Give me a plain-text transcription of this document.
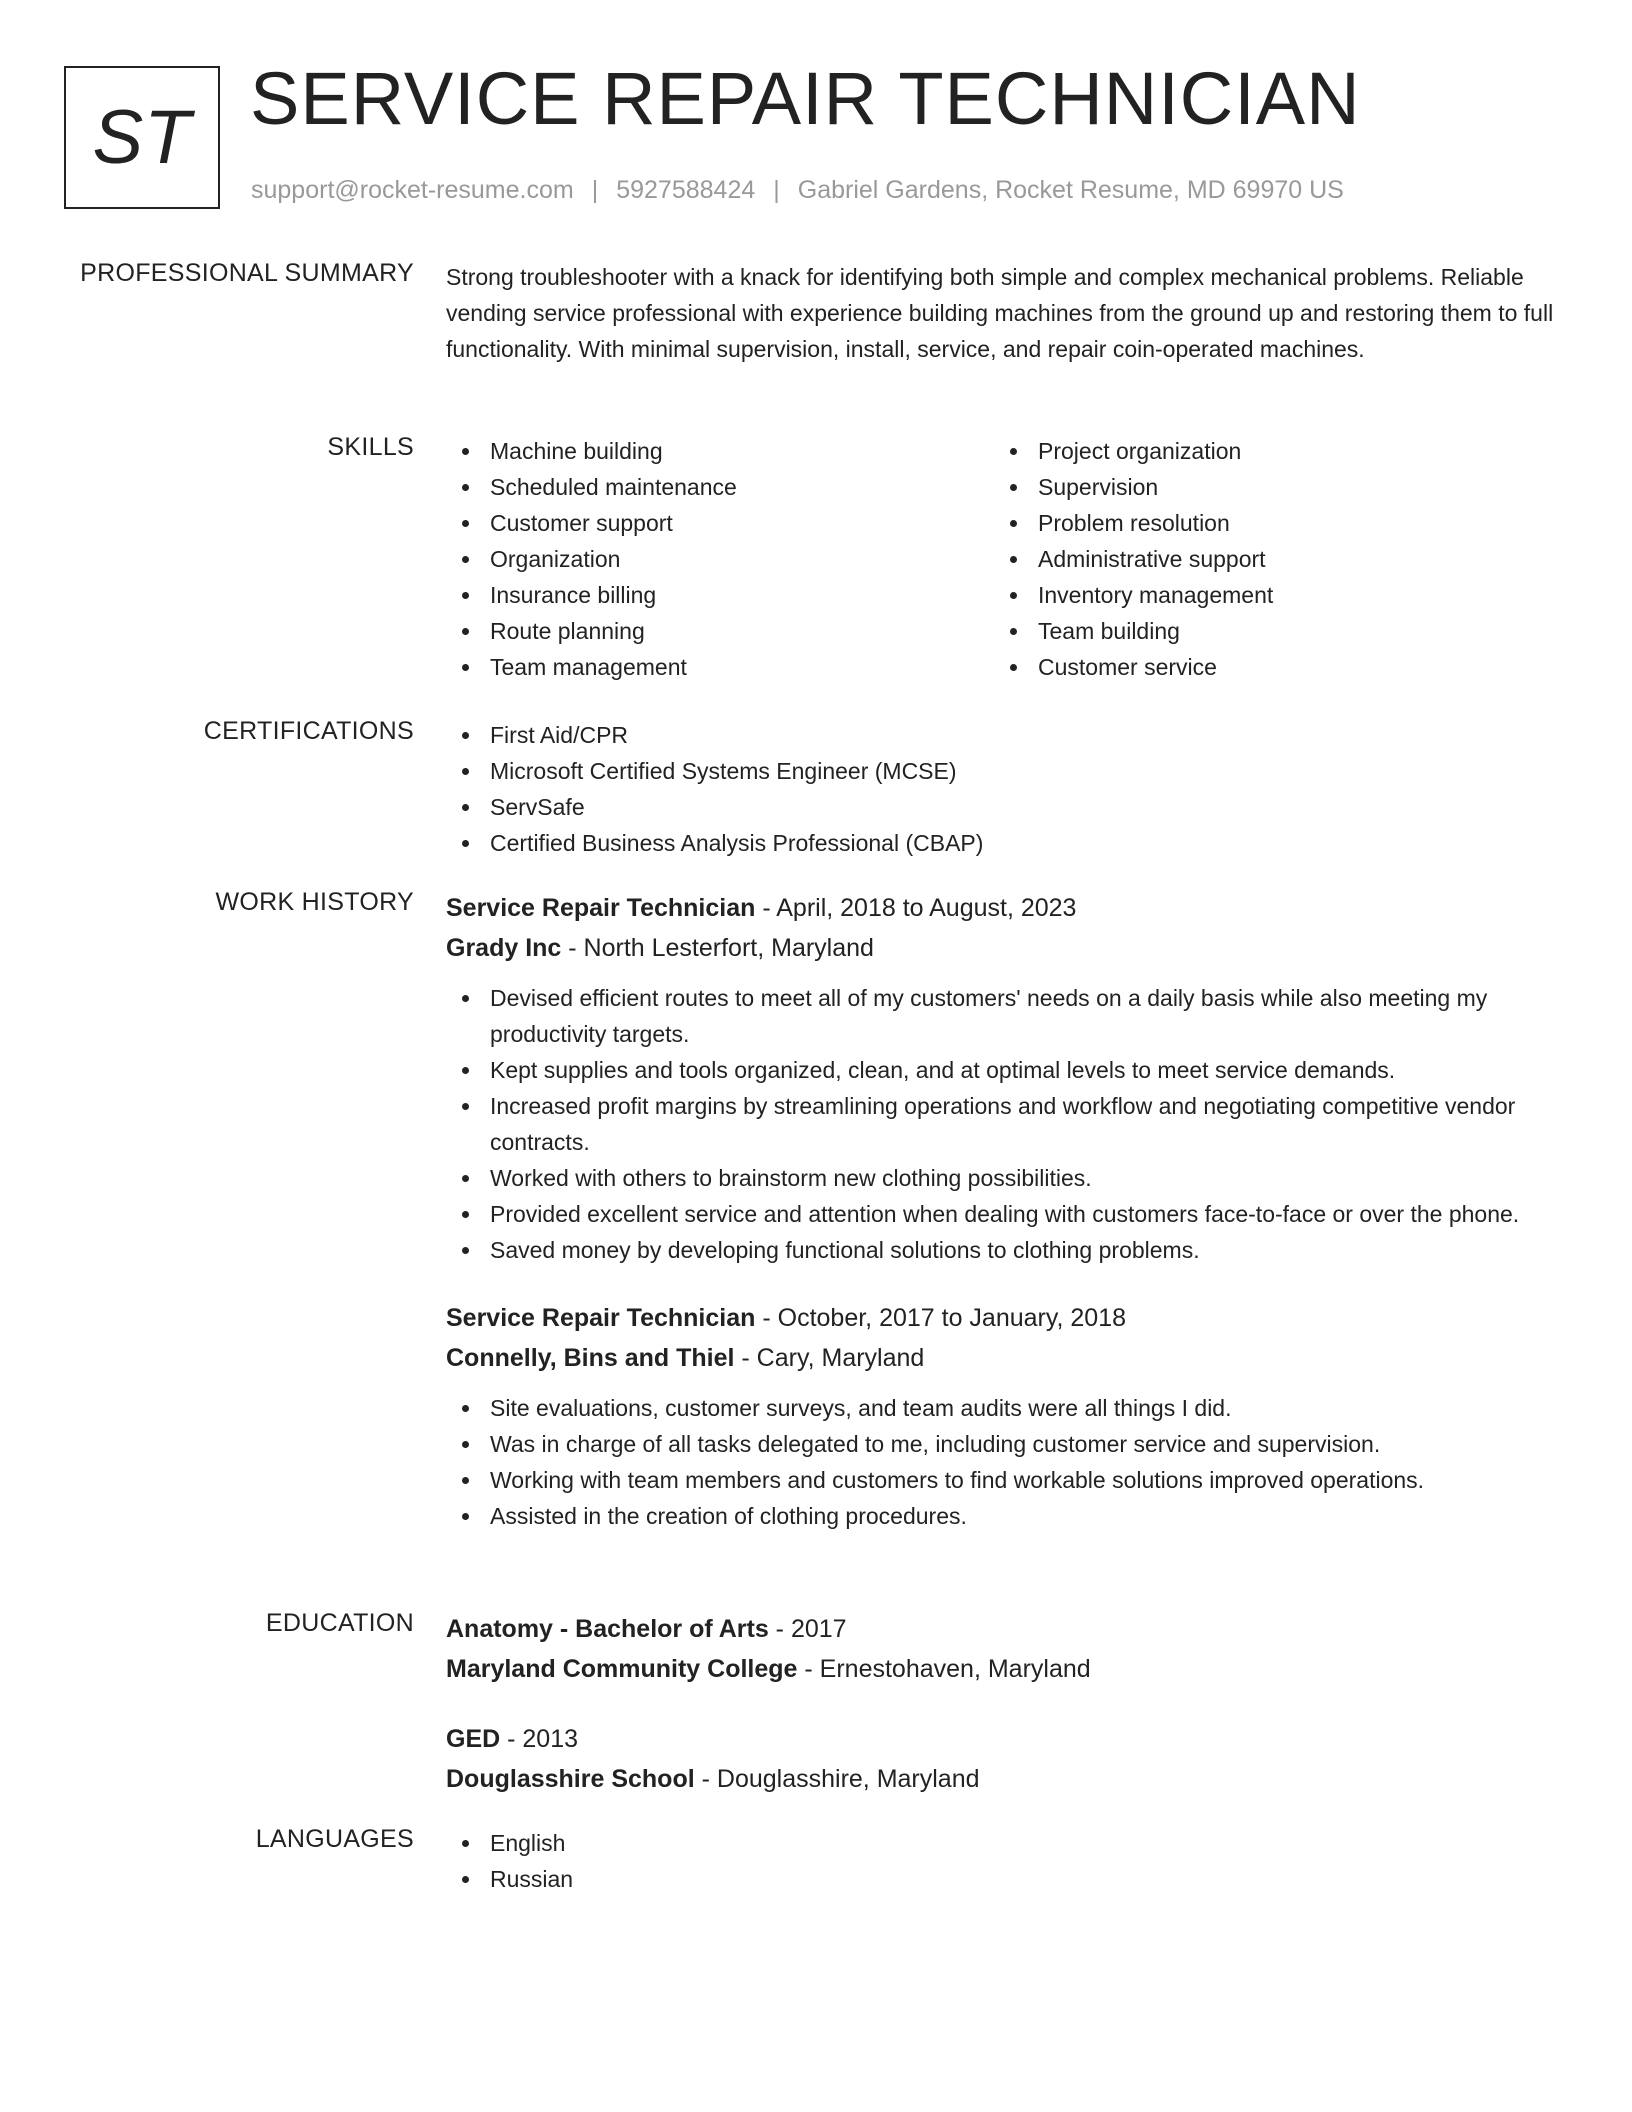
ST SERVICE REPAIR TECHNICIAN
support@rocket-resume.com | 5927588424 | Gabriel Gardens, Rocket Resume, MD 69970 US
PROFESSIONAL SUMMARY Strong troubleshooter with a knack for identifying both simple and complex mechanical problems. Reliable vending service professional with experience building machines from the ground up and restoring them to full functionality. With minimal supervision, install, service, and repair coin-operated machines.

SKILLS	Machine building
Scheduled maintenance
Customer support
Organization
Insurance billing
Route planning
Team management
Project organization
Supervision
Problem resolution
Administrative support
Inventory management
Team building
Customer service
CERTIFICATIONS	First Aid/CPR
Microsoft Certified Systems Engineer (MCSE)
ServSafe
Certified Business Analysis Professional (CBAP)
WORK HISTORY Service Repair Technician - April, 2018 to August, 2023
Grady Inc - North Lesterfort, Maryland
Devised efficient routes to meet all of my customers' needs on a daily basis while also meeting my productivity targets.
Kept supplies and tools organized, clean, and at optimal levels to meet service demands.
Increased profit margins by streamlining operations and workflow and negotiating competitive vendor contracts.
Worked with others to brainstorm new clothing possibilities.
Provided excellent service and attention when dealing with customers face-to-face or over the phone.
Saved money by developing functional solutions to clothing problems.
Service Repair Technician - October, 2017 to January, 2018
Connelly, Bins and Thiel - Cary, Maryland
Site evaluations, customer surveys, and team audits were all things I did.
Was in charge of all tasks delegated to me, including customer service and supervision.
Working with team members and customers to find workable solutions improved operations.
Assisted in the creation of clothing procedures.
EDUCATION Anatomy - Bachelor of Arts - 2017
Maryland Community College - Ernestohaven, Maryland
GED - 2013
Douglasshire School - Douglasshire, Maryland
LANGUAGES	English
Russian
